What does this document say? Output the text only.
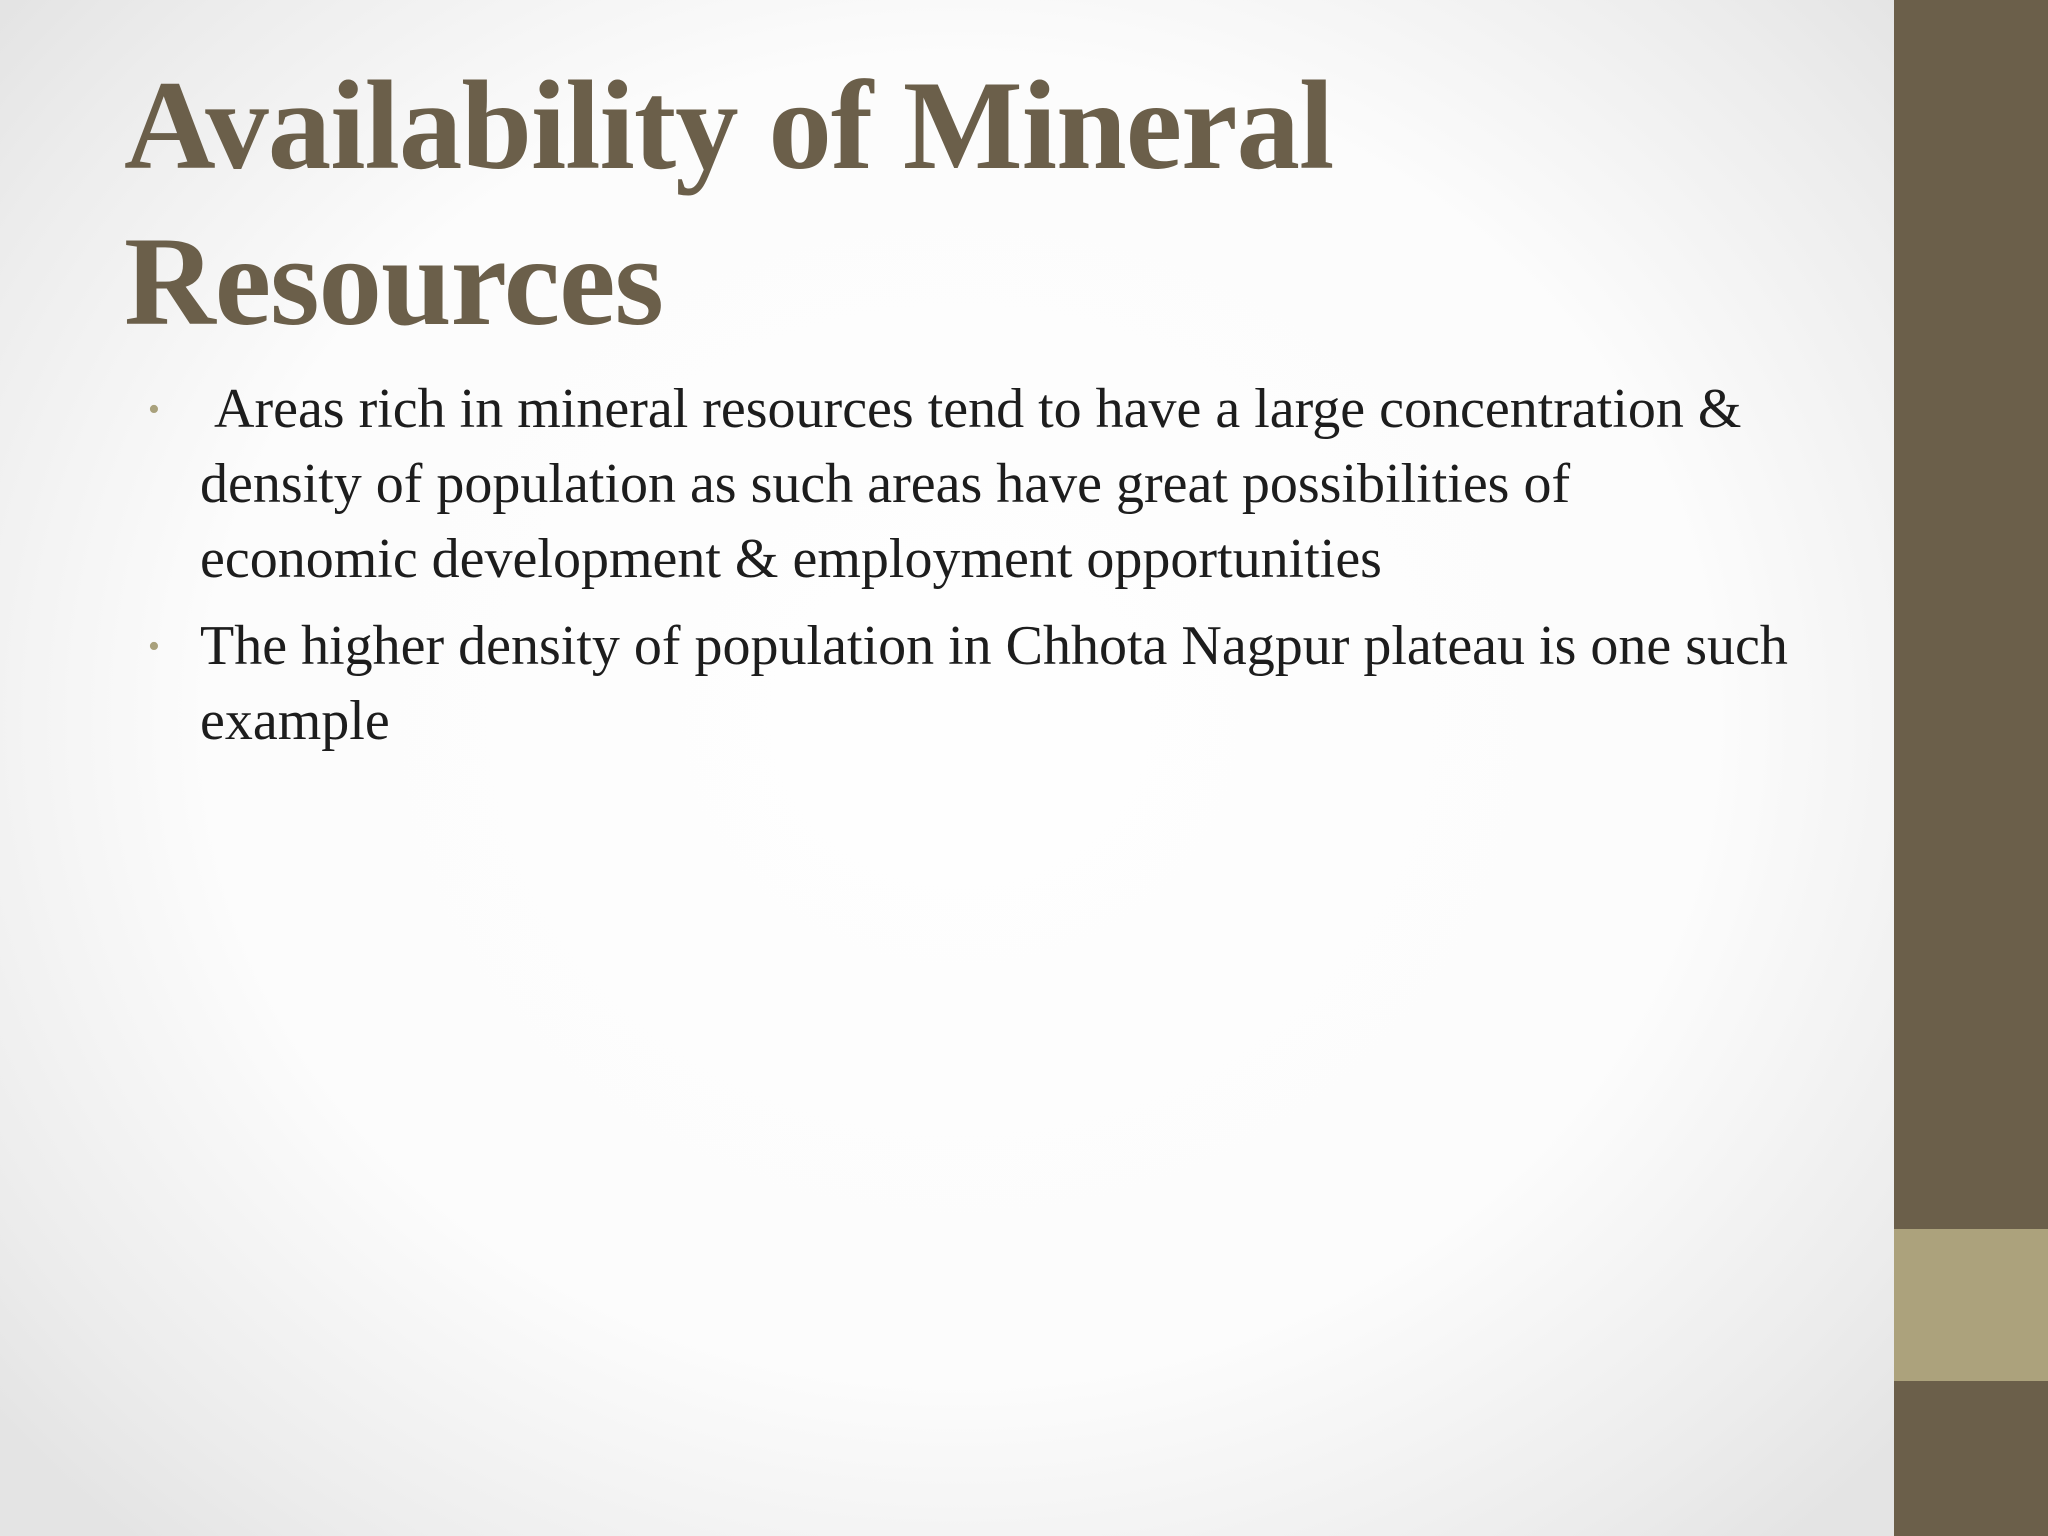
Availability of Mineral
Resources
• Areas rich in mineral resources tend to have a large concentration & density of population as such areas have great possibilities of economic development & employment opportunities
• The higher density of population in Chhota Nagpur plateau is one such example
